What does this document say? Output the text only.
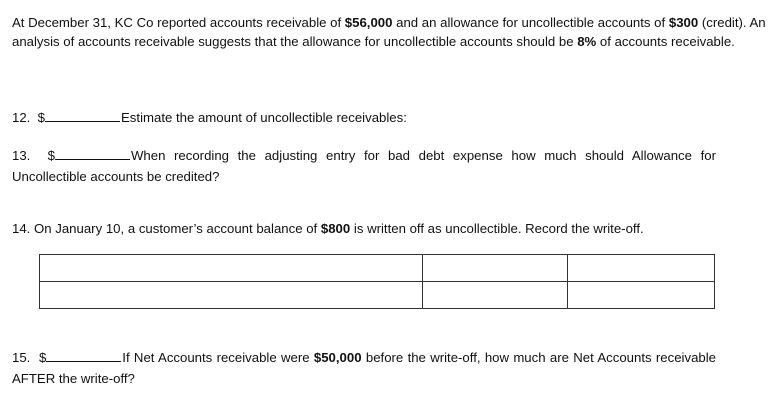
At December 31, KC Co reported accounts receivable of $56,000 and an allowance for uncollectible accounts of $300 (credit). An analysis of accounts receivable suggests that the allowance for uncollectible accounts should be 8% of accounts receivable.
12. $	Estimate the amount of uncollectible receivables:
13. $	When recording the adjusting entry for bad debt expense how much should Allowance for Uncollectible accounts be credited?
14. On January 10, a customer’s account balance of $800 is written off as uncollectible. Record the write-off.

15. $	If Net Accounts receivable were $50,000 before the write-off, how much are Net Accounts receivable AFTER the write-off?
